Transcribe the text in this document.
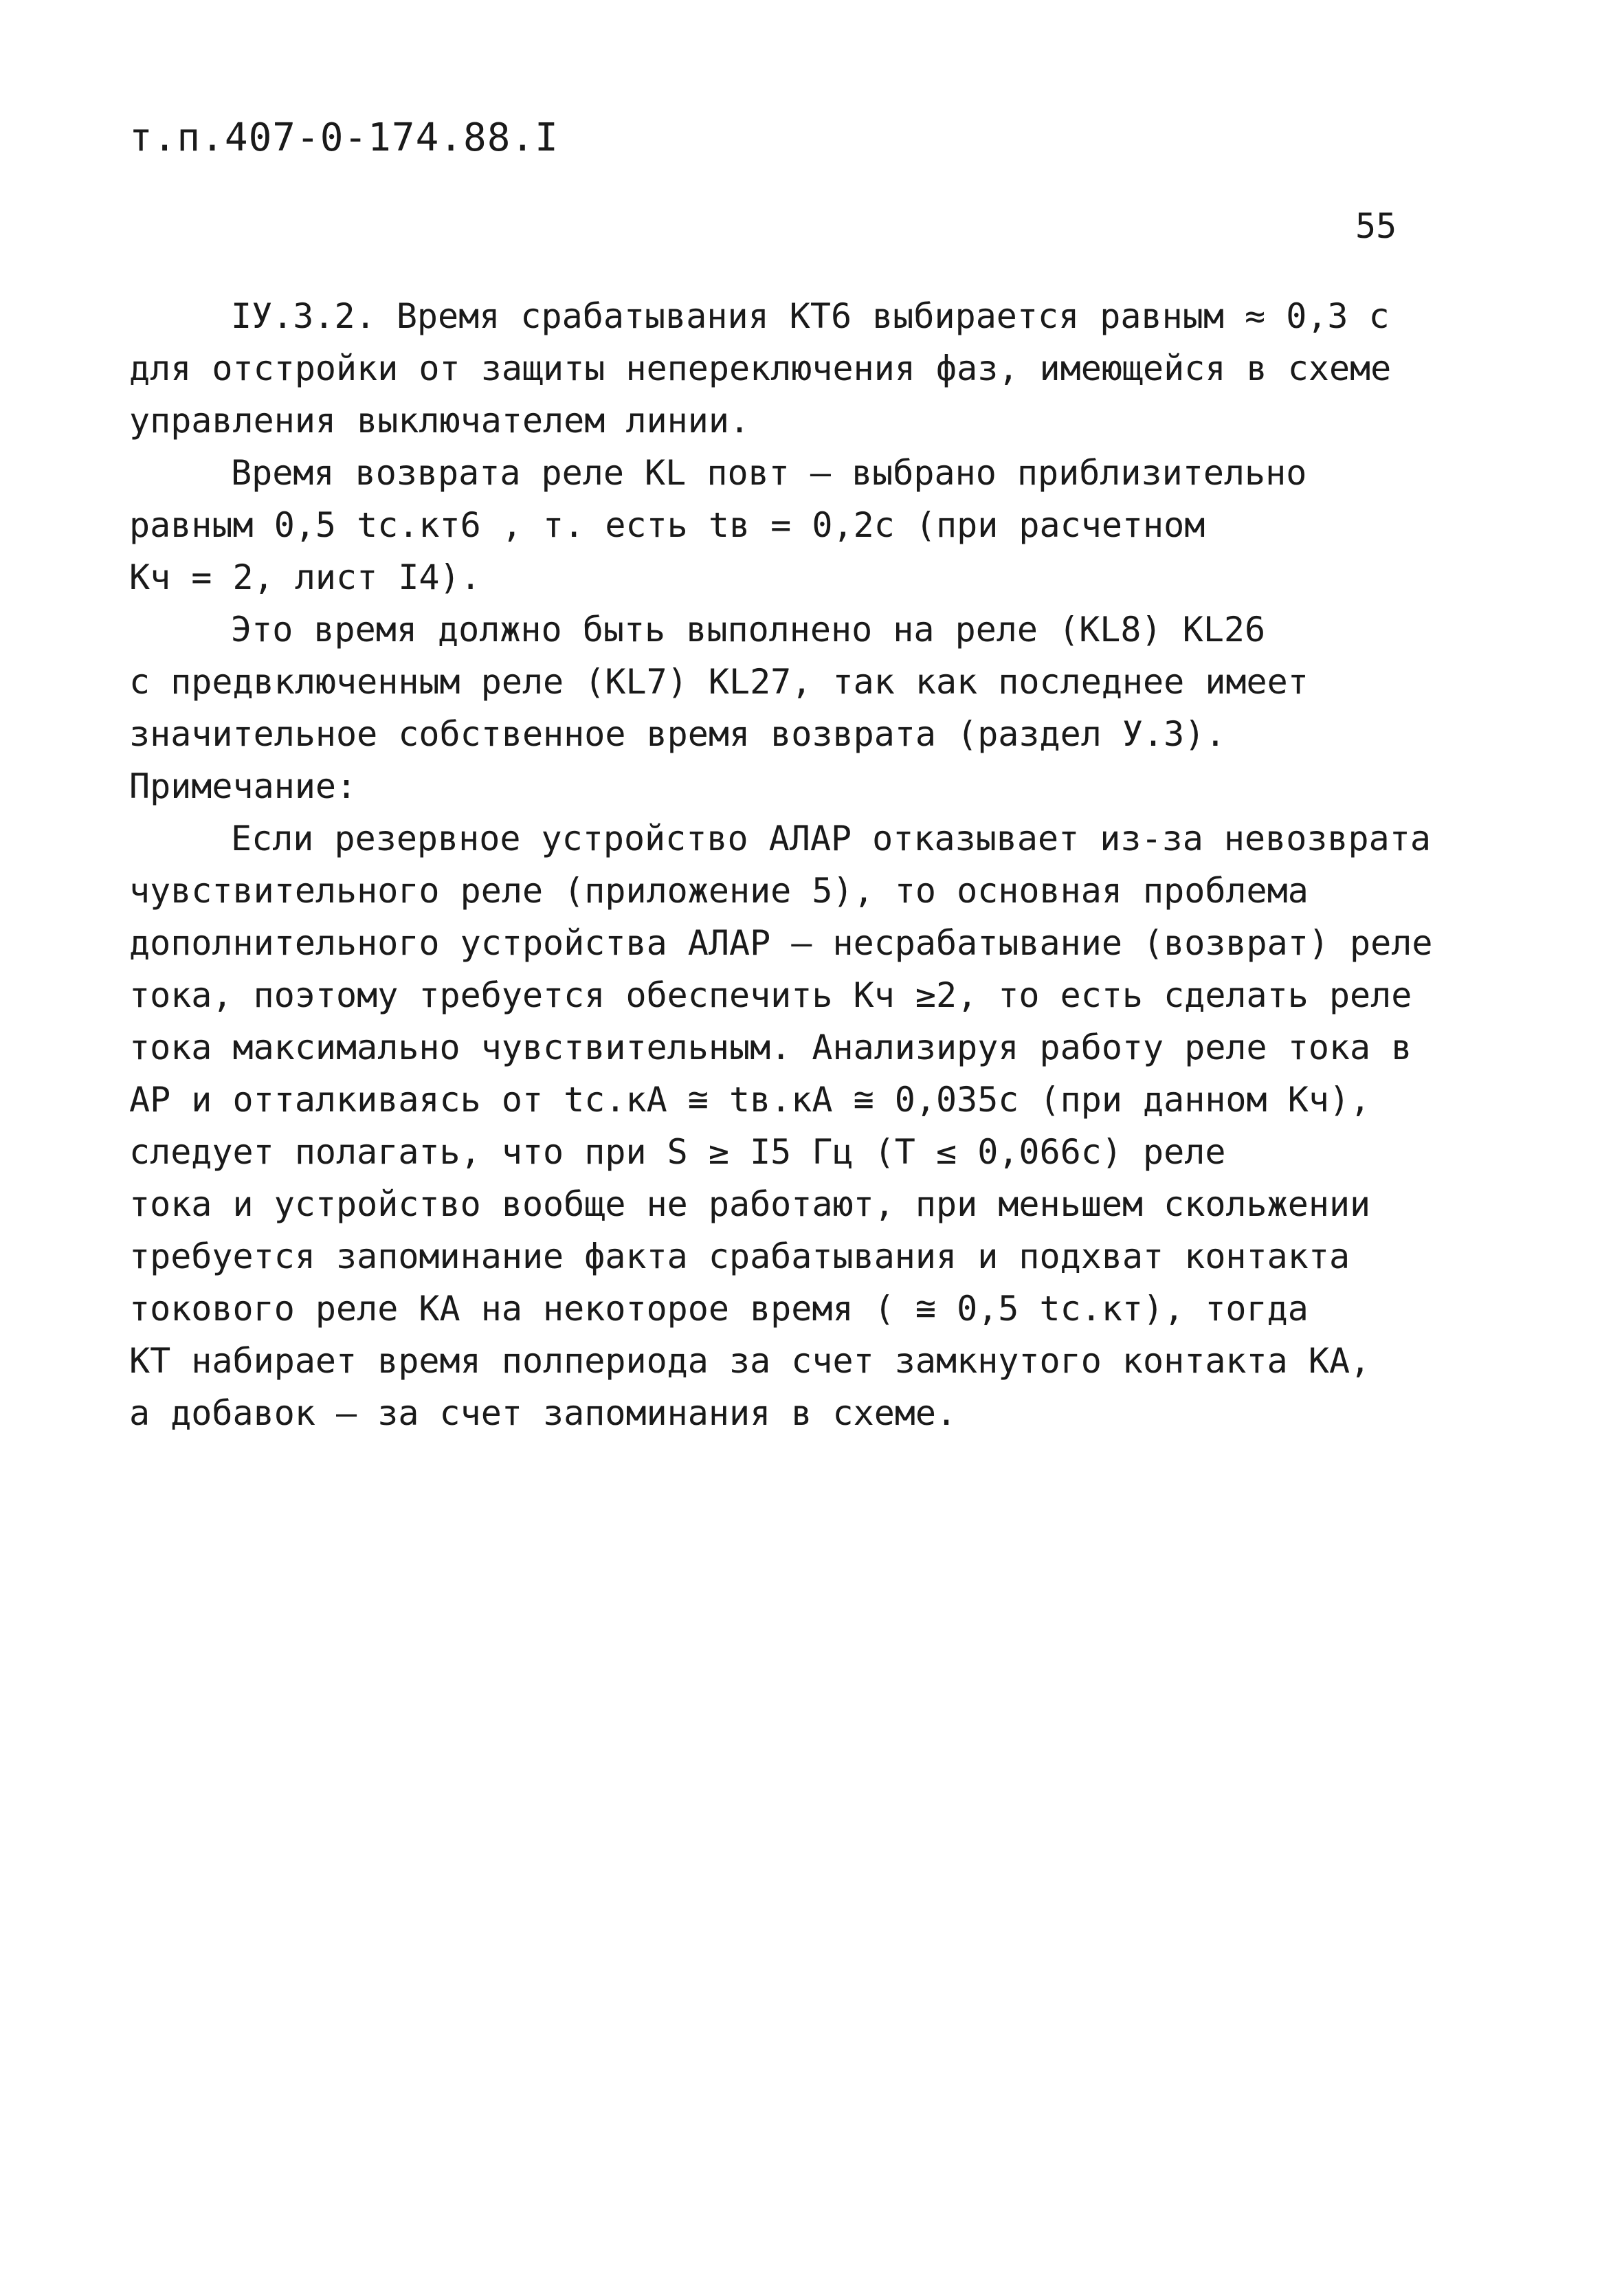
т.п.407-0-174.88.I
55
IУ.3.2. Время срабатывания КТ6 выбирается равным ≈ 0,3 с
для отстройки от защиты непереключения фаз, имеющейся в схеме
управления выключателем линии.
Время возврата реле KL повт – выбрано приблизительно
равным 0,5 tс.кт6 , т. есть tв = 0,2с (при расчетном
Кч = 2, лист I4).
Это время должно быть выполнено на реле (KL8) KL26
с предвключенным реле (KL7) KL27, так как последнее имеет
значительное собственное время возврата (раздел У.3).
Примечание:
Если резервное устройство АЛАР отказывает из-за невозврата
чувствительного реле (приложение 5), то основная проблема
дополнительного устройства АЛАР – несрабатывание (возврат) реле
тока, поэтому требуется обеспечить Кч ≥2, то есть сделать реле
тока максимально чувствительным. Анализируя работу реле тока в
АР и отталкиваясь от tс.кА ≅ tв.кА ≅ 0,035с (при данном Кч),
следует полагать, что при S ≥ I5 Гц (Т ≤ 0,066с) реле
тока и устройство вообще не работают, при меньшем скольжении
требуется запоминание факта срабатывания и подхват контакта
токового реле КА на некоторое время ( ≅ 0,5 tс.кт), тогда
КТ набирает время полпериода за счет замкнутого контакта КА,
а добавок – за счет запоминания в схеме.
